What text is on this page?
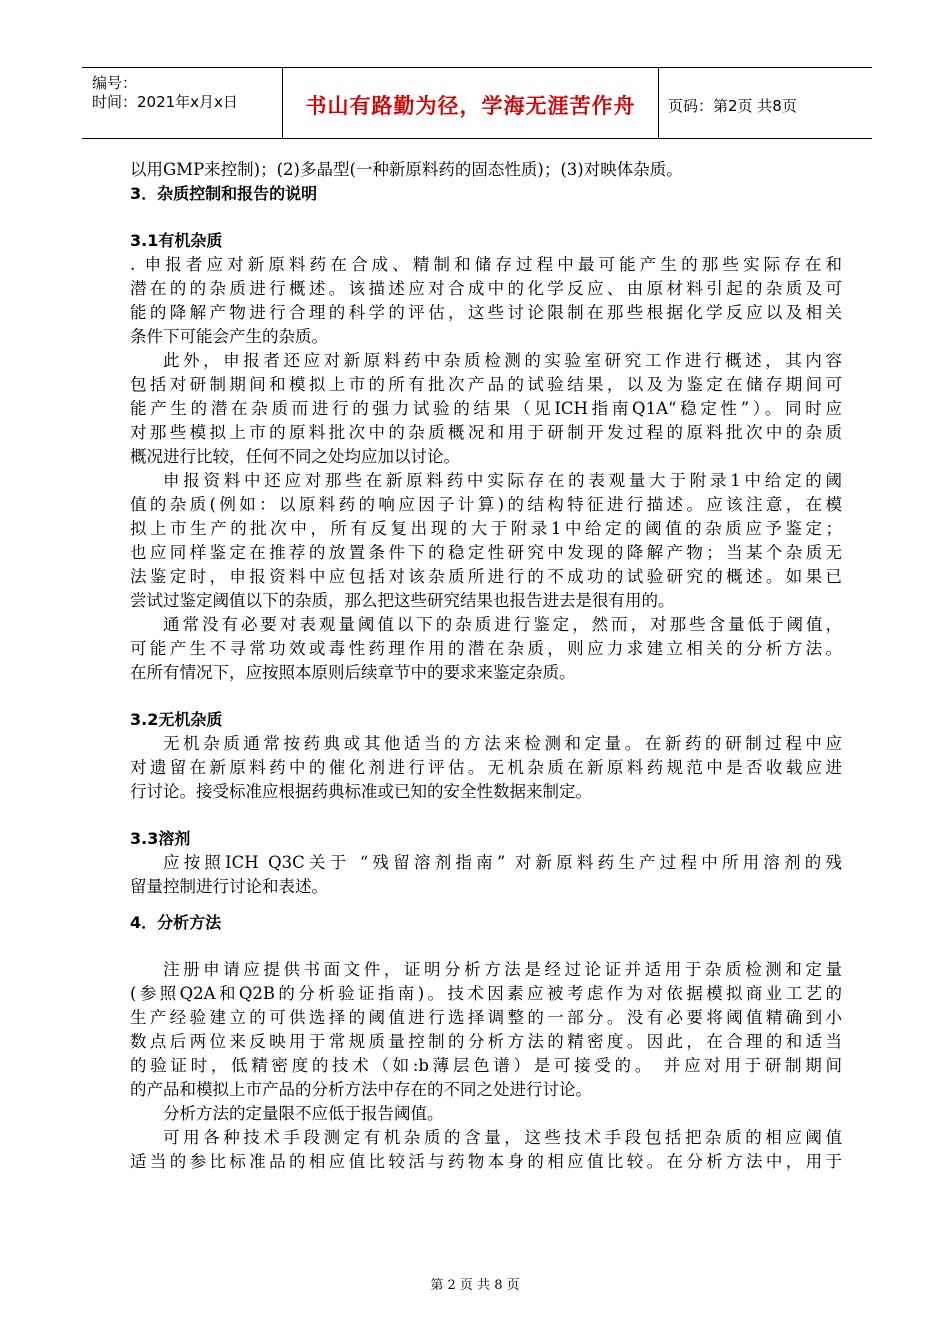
编号：
时间：2021年x月x日	书山有路勤为径，学海无涯苦作舟	页码：第2页 共8页
以用GMP来控制)；(2)多晶型(一种新原料药的固态性质)；(3)对映体杂质。
3．杂质控制和报告的说明
3.1有机杂质
. 申报者应对新原料药在合成、精制和储存过程中最可能产生的那些实际存在和
潜在的的杂质进行概述。该描述应对合成中的化学反应、由原材料引起的杂质及可
能的降解产物进行合理的科学的评估，这些讨论限制在那些根据化学反应以及相关
条件下可能会产生的杂质。
此外，申报者还应对新原料药中杂质检测的实验室研究工作进行概述，其内容
包括对研制期间和模拟上市的所有批次产品的试验结果，以及为鉴定在储存期间可
能产生的潜在杂质而进行的强力试验的结果（见ICH指南Q1A“稳定性”）。同时应
对那些模拟上市的原料批次中的杂质概况和用于研制开发过程的原料批次中的杂质
概况进行比较，任何不同之处均应加以讨论。
申报资料中还应对那些在新原料药中实际存在的表观量大于附录1中给定的阈
值的杂质(例如：以原料药的响应因子计算)的结构特征进行描述。应该注意，在模
拟上市生产的批次中，所有反复出现的大于附录1中给定的阈值的杂质应予鉴定；
也应同样鉴定在推荐的放置条件下的稳定性研究中发现的降解产物；当某个杂质无
法鉴定时，申报资料中应包括对该杂质所进行的不成功的试验研究的概述。如果已
尝试过鉴定阈值以下的杂质，那么把这些研究结果也报告进去是很有用的。
通常没有必要对表观量阈值以下的杂质进行鉴定，然而，对那些含量低于阈值，
可能产生不寻常功效或毒性药理作用的潜在杂质，则应力求建立相关的分析方法。
在所有情况下，应按照本原则后续章节中的要求来鉴定杂质。
3.2无机杂质
无机杂质通常按药典或其他适当的方法来检测和定量。在新药的研制过程中应
对遗留在新原料药中的催化剂进行评估。无机杂质在新原料药规范中是否收载应进
行讨论。接受标准应根据药典标准或已知的安全性数据来制定。
3.3溶剂
应按照ICH Q3C关于 “残留溶剂指南” 对新原料药生产过程中所用溶剂的残
留量控制进行讨论和表述。
4．分析方法
注册申请应提供书面文件，证明分析方法是经过论证并适用于杂质检测和定量
(参照Q2A和Q2B的分析验证指南)。技术因素应被考虑作为对依据模拟商业工艺的
生产经验建立的可供选择的阈值进行选择调整的一部分。没有必要将阈值精确到小
数点后两位来反映用于常规质量控制的分析方法的精密度。因此，在合理的和适当
的验证时，低精密度的技术（如:b薄层色谱）是可接受的。 并应对用于研制期间
的产品和模拟上市产品的分析方法中存在的不同之处进行讨论。
分析方法的定量限不应低于报告阈值。
可用各种技术手段测定有机杂质的含量，这些技术手段包括把杂质的相应阈值
适当的参比标准品的相应值比较活与药物本身的相应值比较。在分析方法中，用于
第 2 页 共 8 页
